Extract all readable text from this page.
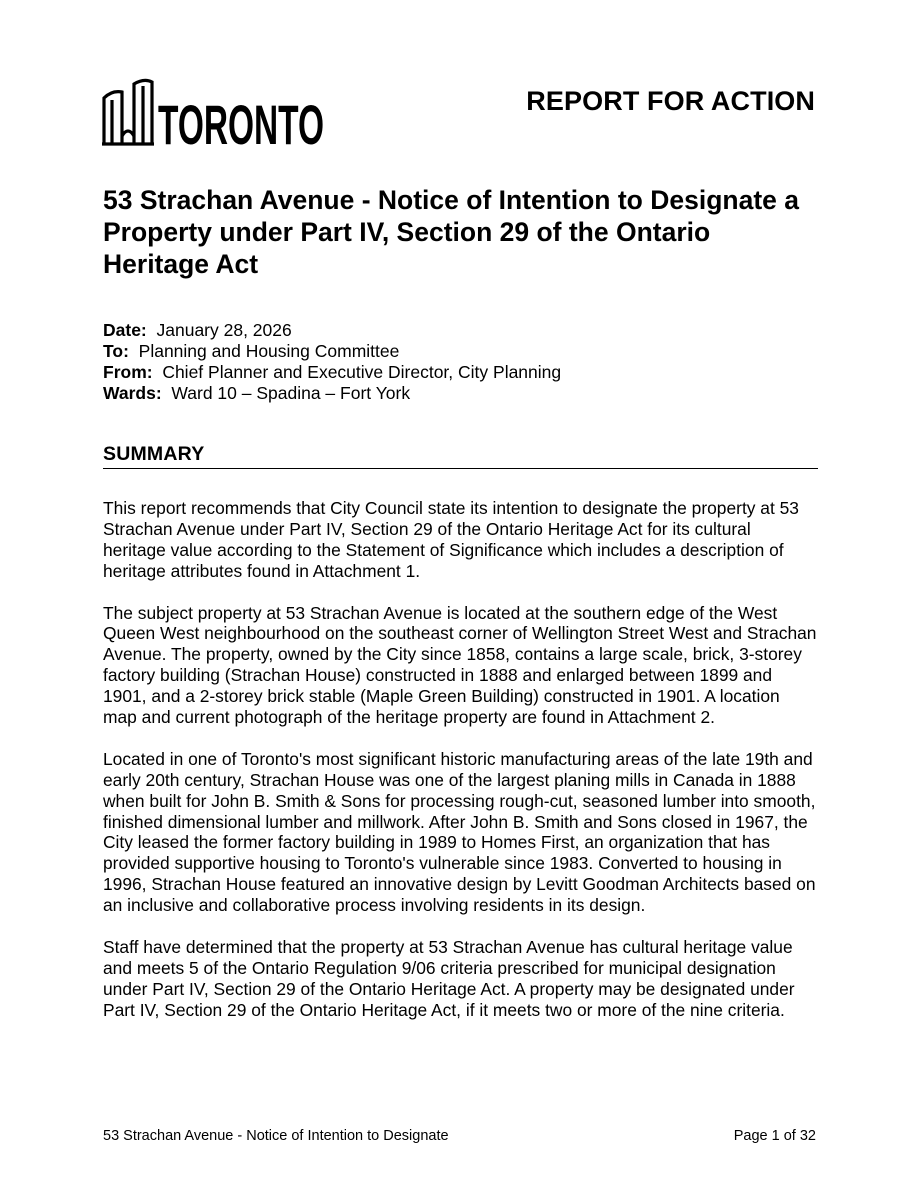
TORONTO	REPORT FOR ACTION
53 Strachan Avenue - Notice of Intention to Designate a Property under Part IV, Section 29 of the Ontario Heritage Act
Date: January 28, 2026
To: Planning and Housing Committee
From: Chief Planner and Executive Director, City Planning
Wards: Ward 10 – Spadina – Fort York
SUMMARY

This report recommends that City Council state its intention to designate the property at 53 Strachan Avenue under Part IV, Section 29 of the Ontario Heritage Act for its cultural heritage value according to the Statement of Significance which includes a description of heritage attributes found in Attachment 1.

The subject property at 53 Strachan Avenue is located at the southern edge of the West Queen West neighbourhood on the southeast corner of Wellington Street West and Strachan Avenue. The property, owned by the City since 1858, contains a large scale, brick, 3-storey factory building (Strachan House) constructed in 1888 and enlarged between 1899 and 1901, and a 2-storey brick stable (Maple Green Building) constructed in 1901. A location map and current photograph of the heritage property are found in Attachment 2.

Located in one of Toronto's most significant historic manufacturing areas of the late 19th and early 20th century, Strachan House was one of the largest planing mills in Canada in 1888 when built for John B. Smith & Sons for processing rough-cut, seasoned lumber into smooth, finished dimensional lumber and millwork. After John B. Smith and Sons closed in 1967, the City leased the former factory building in 1989 to Homes First, an organization that has provided supportive housing to Toronto's vulnerable since 1983. Converted to housing in 1996, Strachan House featured an innovative design by Levitt Goodman Architects based on an inclusive and collaborative process involving residents in its design.

Staff have determined that the property at 53 Strachan Avenue has cultural heritage value and meets 5 of the Ontario Regulation 9/06 criteria prescribed for municipal designation under Part IV, Section 29 of the Ontario Heritage Act. A property may be designated under Part IV, Section 29 of the Ontario Heritage Act, if it meets two or more of the nine criteria.

53 Strachan Avenue - Notice of Intention to Designate	Page 1 of 32
